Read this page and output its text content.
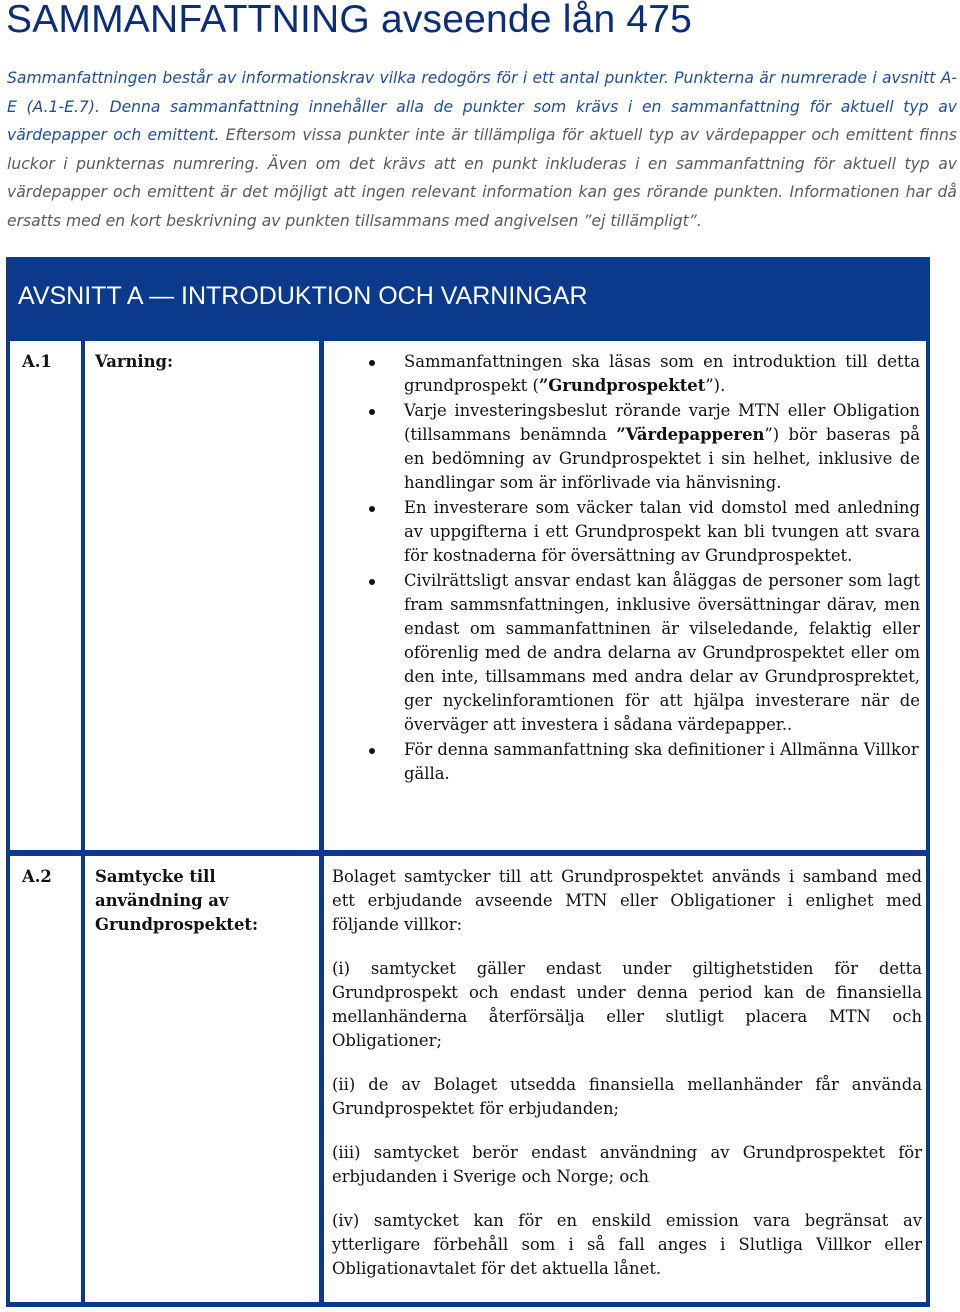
SAMMANFATTNING avseende lån 475

Sammanfattningen består av informationskrav vilka redogörs för i ett antal punkter. Punkterna är numrerade i avsnitt A-E (A.1-E.7). Denna sammanfattning innehåller alla de punkter som krävs i en sammanfattning för aktuell typ av värdepapper och emittent. Eftersom vissa punkter inte är tillämpliga för aktuell typ av värdepapper och emittent finns luckor i punkternas numrering. Även om det krävs att en punkt inkluderas i en sammanfattning för aktuell typ av värdepapper och emittent är det möjligt att ingen relevant information kan ges rörande punkten. Informationen har då ersatts med en kort beskrivning av punkten tillsammans med angivelsen ”ej tillämpligt”.

AVSNITT A — INTRODUKTION OCH VARNINGAR
A.1	Varning:	Sammanfattningen ska läsas som en introduktion till detta grundprospekt (”Grundprospektet”).
Varje investeringsbeslut rörande varje MTN eller Obligation (tillsammans benämnda ”Värdepapperen”) bör baseras på en bedömning av Grundprospektet i sin helhet, inklusive de handlingar som är införlivade via hänvisning.
En investerare som väcker talan vid domstol med anledning av uppgifterna i ett Grundprospekt kan bli tvungen att svara för kostnaderna för översättning av Grundprospektet.
Civilrättsligt ansvar endast kan åläggas de personer som lagt fram sammsnfattningen, inklusive översättningar därav, men endast om sammanfattninen är vilseledande, felaktig eller oförenlig med de andra delarna av Grundprospektet eller om den inte, tillsammans med andra delar av Grundprosprektet, ger nyckelinforamtionen för att hjälpa investerare när de överväger att investera i sådana värdepapper..
För denna sammanfattning ska definitioner i Allmänna Villkor gälla.
A.2	Samtycke till användning av Grundprospektet:

Bolaget samtycker till att Grundprospektet används i samband med ett erbjudande avseende MTN eller Obligationer i enlighet med följande villkor:

(i) samtycket gäller endast under giltighetstiden för detta Grundprospekt och endast under denna period kan de finansiella mellanhänderna återförsälja eller slutligt placera MTN och Obligationer;

(ii) de av Bolaget utsedda finansiella mellanhänder får använda Grundprospektet för erbjudanden;

(iii) samtycket berör endast användning av Grundprospektet för erbjudanden i Sverige och Norge; och

(iv) samtycket kan för en enskild emission vara begränsat av ytterligare förbehåll som i så fall anges i Slutliga Villkor eller Obligationavtalet för det aktuella lånet.
